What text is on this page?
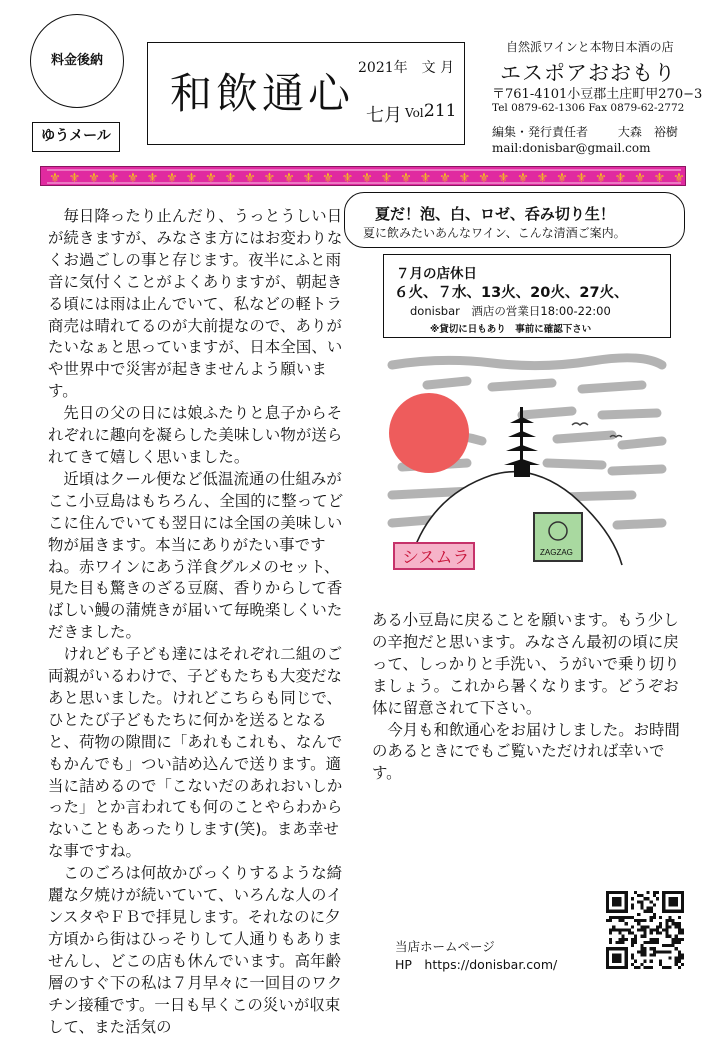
料金後納
ゆうメール
和飲通心
2021年　文 月
七月 Vol.
211
自然派ワインと本物日本酒の店
エスポアおおもり
〒761-4101小豆郡土庄町甲270−3
Tel 0879-62-1306 Fax 0879-62-2772
編集・発行責任者 大森　裕樹
mail:donisbar@gmail.com
⚜ ⚜ ⚜ ⚜ ⚜ ⚜ ⚜ ⚜ ⚜ ⚜ ⚜ ⚜ ⚜ ⚜ ⚜ ⚜ ⚜ ⚜ ⚜ ⚜ ⚜ ⚜ ⚜ ⚜ ⚜ ⚜ ⚜ ⚜ ⚜ ⚜ ⚜ ⚜ ⚜

毎日降ったり止んだり、うっとうしい日が続きますが、みなさま方にはお変わりなくお過ごしの事と存じます。夜半にふと雨音に気付くことがよくありますが、朝起きる頃には雨は止んでいて、私などの軽トラ商売は晴れてるのが大前提なので、ありがたいなぁと思っていますが、日本全国、いや世界中で災害が起きませんよう願います。

先日の父の日には娘ふたりと息子からそれぞれに趣向を凝らした美味しい物が送られてきて嬉しく思いました。

近頃はクール便など低温流通の仕組みがここ小豆島はもちろん、全国的に整ってどこに住んでいても翌日には全国の美味しい物が届きます。本当にありがたい事ですね。赤ワインにあう洋食グルメのセット、見た目も驚きのざる豆腐、香りからして香ばしい鰻の蒲焼きが届いて毎晩楽しくいただきました。

けれども子ども達にはそれぞれ二組のご両親がいるわけで、子どもたちも大変だなあと思いました。けれどこちらも同じで、ひとたび子どもたちに何かを送るとなると、荷物の隙間に「あれもこれも、なんでもかんでも」つい詰め込んで送ります。適当に詰めるので「こないだのあれおいしかった」とか言われても何のことやらわからないこともあったりします(笑)。まあ幸せな事ですね。

このごろは何故かびっくりするような綺麗な夕焼けが続いていて、いろんな人のインスタやＦＢで拝見します。それなのに夕方頃から街はひっそりして人通りもありませんし、どこの店も休んでいます。高年齢層のすぐ下の私は７月早々に一回目のワクチン接種です。一日も早くこの災いが収束して、また活気の

夏だ！泡、白、ロゼ、呑み切り生！
夏に飲みたいあんなワイン、こんな清酒ご案内。
７月の店休日
６火、７水、13火、20火、27火、
donisbar　酒店の営業日18:00-22:00
※貸切に日もあり　事前に確認下さい
シスムラ	ZAGZAG

ある小豆島に戻ることを願います。もう少しの辛抱だと思います。みなさん最初の頃に戻って、しっかりと手洗い、うがいで乗り切りましょう。これから暑くなります。どうぞお体に留意されて下さい。

今月も和飲通心をお届けしました。お時間のあるときにでもご覧いただければ幸いです。

当店ホームページ
HP　https://donisbar.com/
